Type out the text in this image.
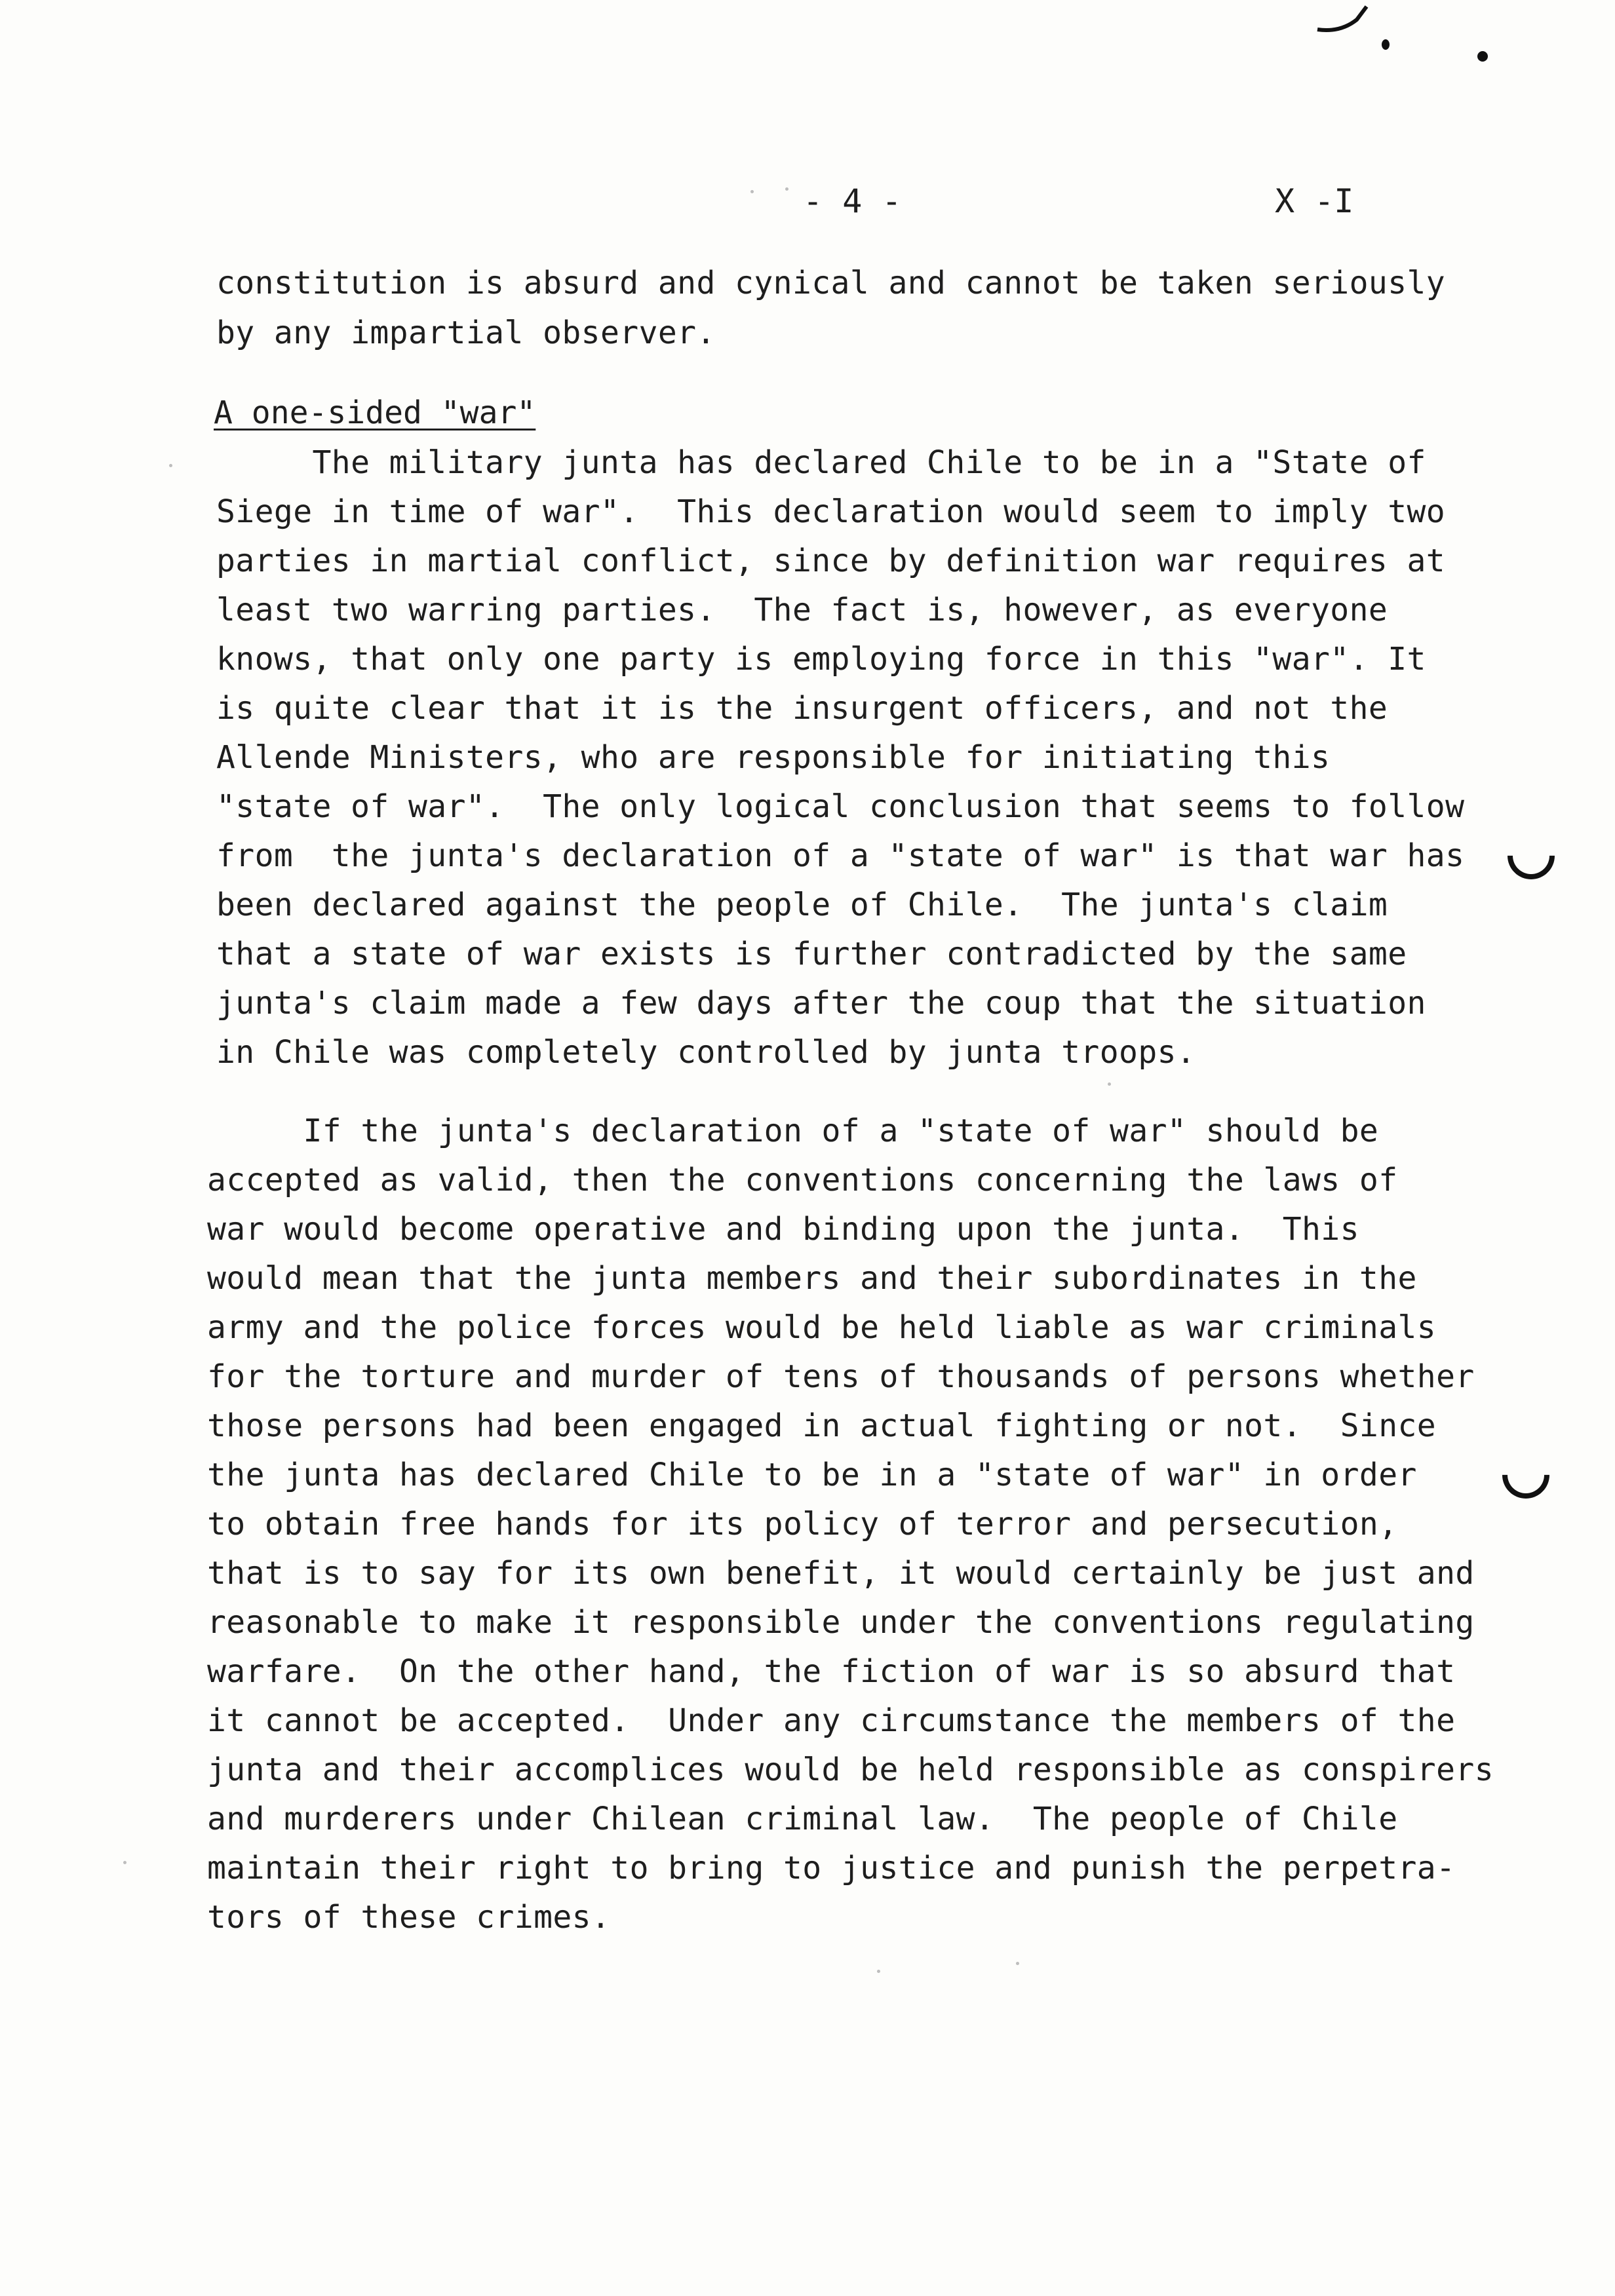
- 4 -	X -I
constitution is absurd and cynical and cannot be taken seriously
by any impartial observer.
A one-sided "war"
The military junta has declared Chile to be in a "State of
Siege in time of war".  This declaration would seem to imply two
parties in martial conflict, since by definition war requires at
least two warring parties.  The fact is, however, as everyone
knows, that only one party is employing force in this "war". It
is quite clear that it is the insurgent officers, and not the
Allende Ministers, who are responsible for initiating this
"state of war".  The only logical conclusion that seems to follow
from  the junta's declaration of a "state of war" is that war has
been declared against the people of Chile.  The junta's claim
that a state of war exists is further contradicted by the same
junta's claim made a few days after the coup that the situation
in Chile was completely controlled by junta troops.
If the junta's declaration of a "state of war" should be
accepted as valid, then the conventions concerning the laws of
war would become operative and binding upon the junta.  This
would mean that the junta members and their subordinates in the
army and the police forces would be held liable as war criminals
for the torture and murder of tens of thousands of persons whether
those persons had been engaged in actual fighting or not.  Since
the junta has declared Chile to be in a "state of war" in order
to obtain free hands for its policy of terror and persecution,
that is to say for its own benefit, it would certainly be just and
reasonable to make it responsible under the conventions regulating
warfare.  On the other hand, the fiction of war is so absurd that
it cannot be accepted.  Under any circumstance the members of the
junta and their accomplices would be held responsible as conspirers
and murderers under Chilean criminal law.  The people of Chile
maintain their right to bring to justice and punish the perpetra-
tors of these crimes.
